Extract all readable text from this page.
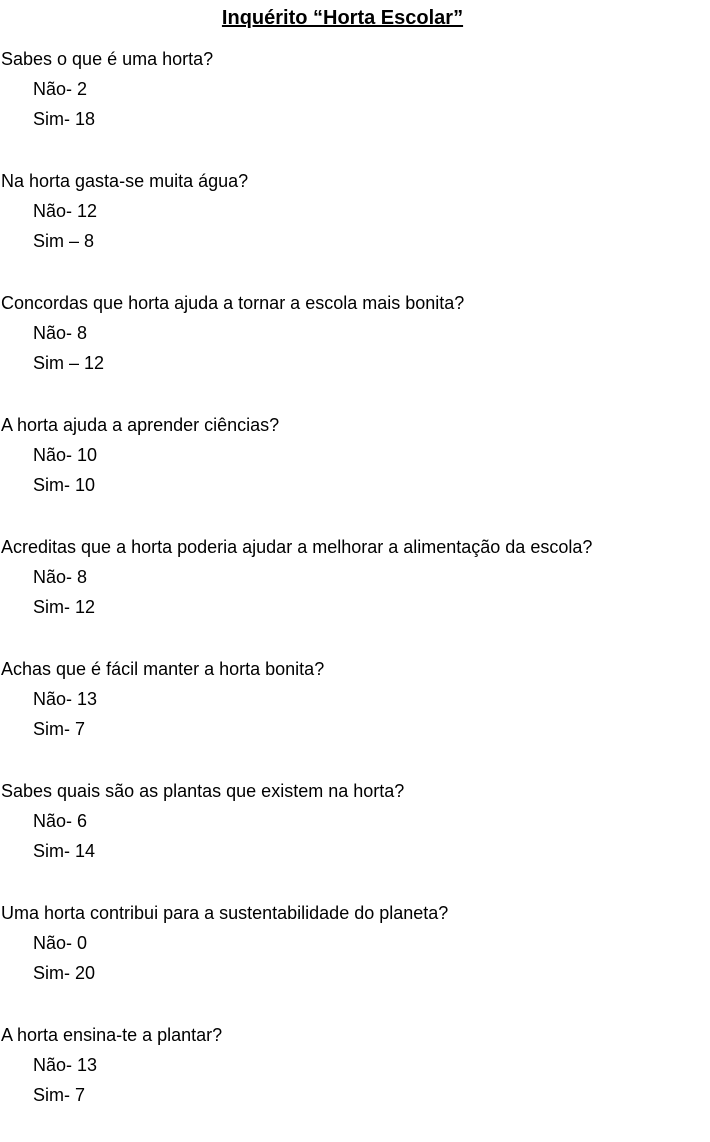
Inquérito “Horta Escolar”

Sabes o que é uma horta?

Não- 2

Sim- 18

Na horta gasta-se muita água?

Não- 12

Sim – 8

Concordas que horta ajuda a tornar a escola mais bonita?

Não- 8

Sim – 12

A horta ajuda a aprender ciências?

Não- 10

Sim- 10

Acreditas que a horta poderia ajudar a melhorar a alimentação da escola?

Não- 8

Sim- 12

Achas que é fácil manter a horta bonita?

Não- 13

Sim- 7

Sabes quais são as plantas que existem na horta?

Não- 6

Sim- 14

Uma horta contribui para a sustentabilidade do planeta?

Não- 0

Sim- 20

A horta ensina-te a plantar?

Não- 13

Sim- 7
